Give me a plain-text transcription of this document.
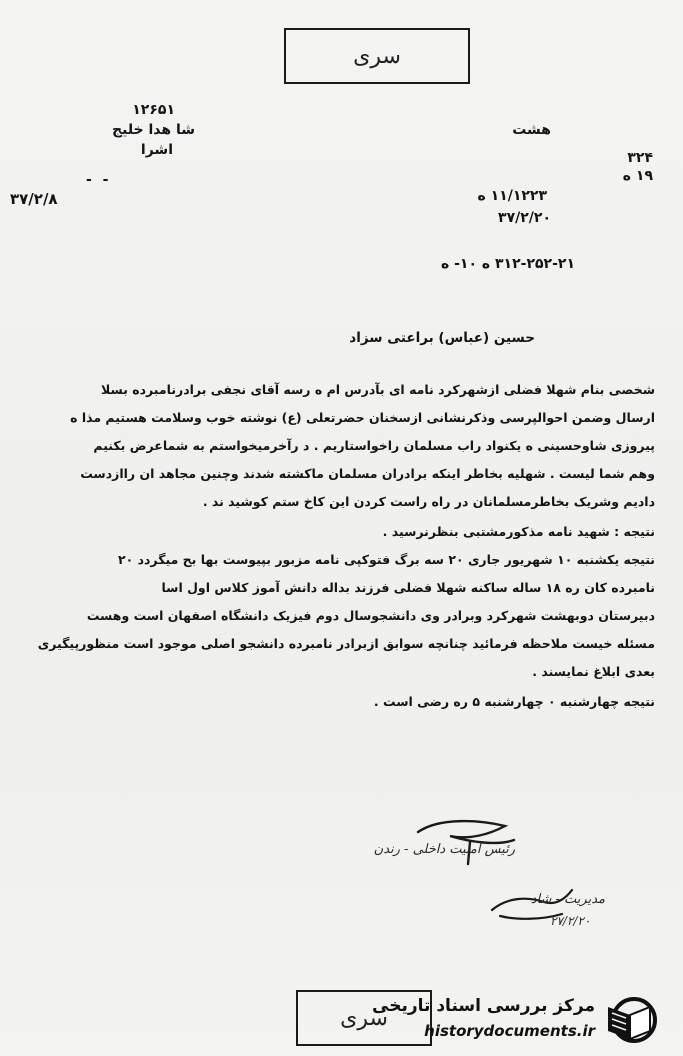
سری
۱۲۶۵۱
شا هدا خلیج
اشرا
- -
۳۷/۲/۸
هشت
۳۲۴
۱۹ ه
۱۱/۱۲۲۳ ه
۳۷/۲/۲۰
۳۱۲-۲۵۲-۲۱ ه ۱۰- ه
حسین (عباس) براعتی سزاد
شخصی بنام شهلا فضلی ازشهرکرد نامه ای بآدرس ام ه رسه آقای نجفی برادرنامبرده بسلا
ارسال وضمن احوالپرسی وذکرنشانی ازسخنان حضرتعلی (ع) نوشته خوب وسلامت هستیم مذا ه
پیروزی شاوحسینی ه یکنواد راب مسلمان راخواستاریم . د رآخرمیخواستم به شماعرض بکنیم
وهم شما لیست . شهلیه بخاطر اینکه برادران مسلمان ماکشته شدند وچنین مجاهد ان راازدست
دادیم وشریک بخاطرمسلمانان در راه راست کردن این کاخ ستم کوشید ند .
نتیجه : شهید نامه مذکورمشتبی بنظرنرسید .
نتیجه یکشنبه ۱۰ شهریور جاری ۲۰ سه برگ فتوکپی نامه مزبور بپیوست بها بح میگردد ۲۰
نامبرده کان ره ۱۸ ساله ساکنه شهلا فضلی فرزند بداله دانش آموز کلاس اول اسا
دبیرستان دوبهشت شهرکرد وبرادر وی دانشجوسال دوم فیزیک دانشگاه اصفهان است وهست
مسئله خیست ملاحظه فرمائید چنانچه سوابق ازبرادر نامبرده دانشجو اصلی موجود است منظورپیگیری
بعدی ابلاغ نمایسند .
نتیجه چهارشنبه ۰ چهارشنبه ۵ ره رضی است .
رئیس امنیت داخلی - رندن
مدیریت - شاد
۲۷/۲/۲۰
سری
مرکز بررسی اسناد تاریخی
historydocuments.ir
